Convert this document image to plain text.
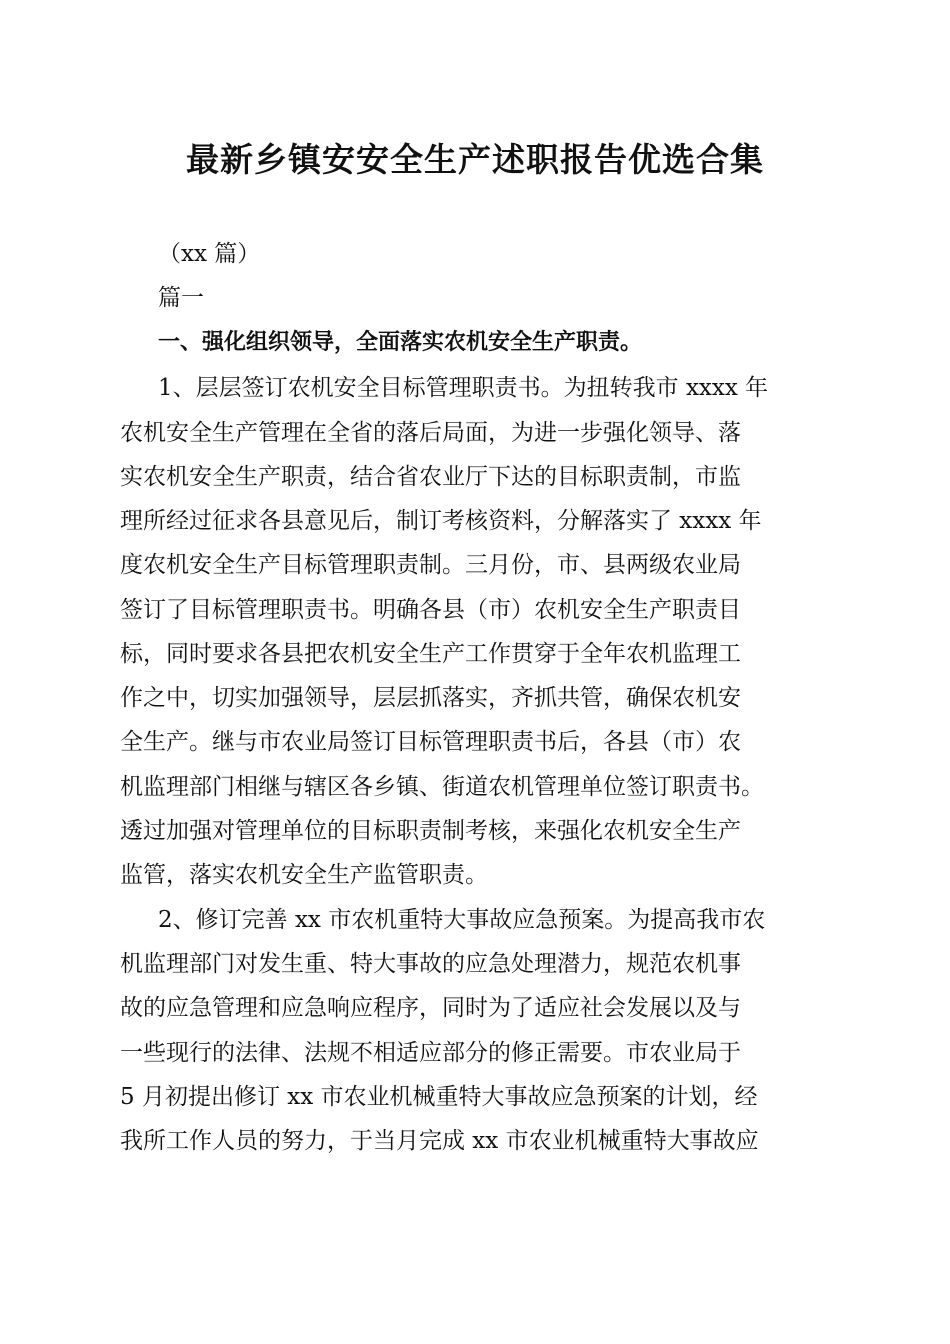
最新乡镇安安全生产述职报告优选合集

（xx 篇）

篇一

一、强化组织领导，全面落实农机安全生产职责。

1、层层签订农机安全目标管理职责书。为扭转我市 xxxx 年

农机安全生产管理在全省的落后局面，为进一步强化领导、落

实农机安全生产职责，结合省农业厅下达的目标职责制，市监

理所经过征求各县意见后，制订考核资料，分解落实了 xxxx 年

度农机安全生产目标管理职责制。三月份，市、县两级农业局

签订了目标管理职责书。明确各县（市）农机安全生产职责目

标，同时要求各县把农机安全生产工作贯穿于全年农机监理工

作之中，切实加强领导，层层抓落实，齐抓共管，确保农机安

全生产。继与市农业局签订目标管理职责书后，各县（市）农

机监理部门相继与辖区各乡镇、街道农机管理单位签订职责书。

透过加强对管理单位的目标职责制考核，来强化农机安全生产

监管，落实农机安全生产监管职责。

2、修订完善 xx 市农机重特大事故应急预案。为提高我市农

机监理部门对发生重、特大事故的应急处理潜力，规范农机事

故的应急管理和应急响应程序，同时为了适应社会发展以及与

一些现行的法律、法规不相适应部分的修正需要。市农业局于

5 月初提出修订 xx 市农业机械重特大事故应急预案的计划，经

我所工作人员的努力，于当月完成 xx 市农业机械重特大事故应
